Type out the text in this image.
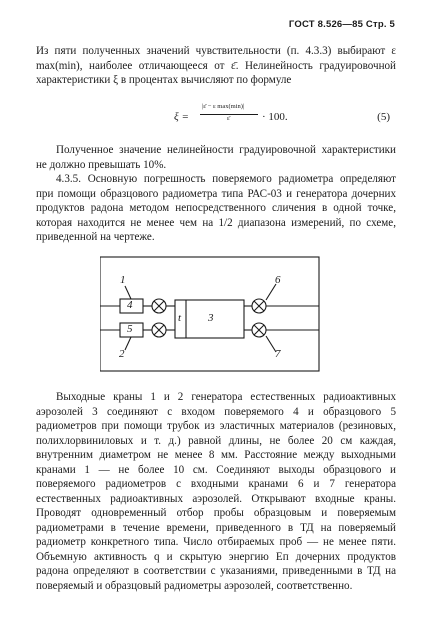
ГОСТ 8.526—85 Стр. 5

Из пяти полученных значений чувствительности (п. 4.3.3) выбирают ε max(min), наиболее отличающееся от ε̄. Нелинейность градуировочной характеристики ξ в процентах вычисляют по формуле

ξ =
|ε̄ − ε max(min)|
ε̄	· 100.	(5)

Полученное значение нелинейности градуировочной характеристики не должно превышать 10%.

4.3.5. Основную погрешность поверяемого радиометра определяют при помощи образцового радиометра типа РАС-03 и генератора дочерних продуктов радона методом непосредственного сличения в одной точке, которая находится не менее чем на 1/2 диапазона измерений, по схеме, приведенной на чертеже.

1
4
5
2
t 3
6
7

Выходные краны 1 и 2 генератора естественных радиоактивных аэрозолей 3 соединяют с входом поверяемого 4 и образцового 5 радиометров при помощи трубок из эластичных материалов (резиновых, полихлорвиниловых и т. д.) равной длины, не более 20 см каждая, внутренним диаметром не менее 8 мм. Расстояние между выходными кранами 1 — не более 10 см. Соединяют выходы образцового и поверяемого радиометров с входными кранами 6 и 7 генератора естественных радиоактивных аэрозолей. Открывают входные краны. Проводят одновременный отбор пробы образцовым и поверяемым радиометрами в течение времени, приведенного в ТД на поверяемый радиометр конкретного типа. Число отбираемых проб — не менее пяти. Объемную активность q и скрытую энергию Eп дочерних продуктов радона определяют в соответствии с указаниями, приведенными в ТД на поверяемый и образцовый радиометры аэрозолей, соответственно.
